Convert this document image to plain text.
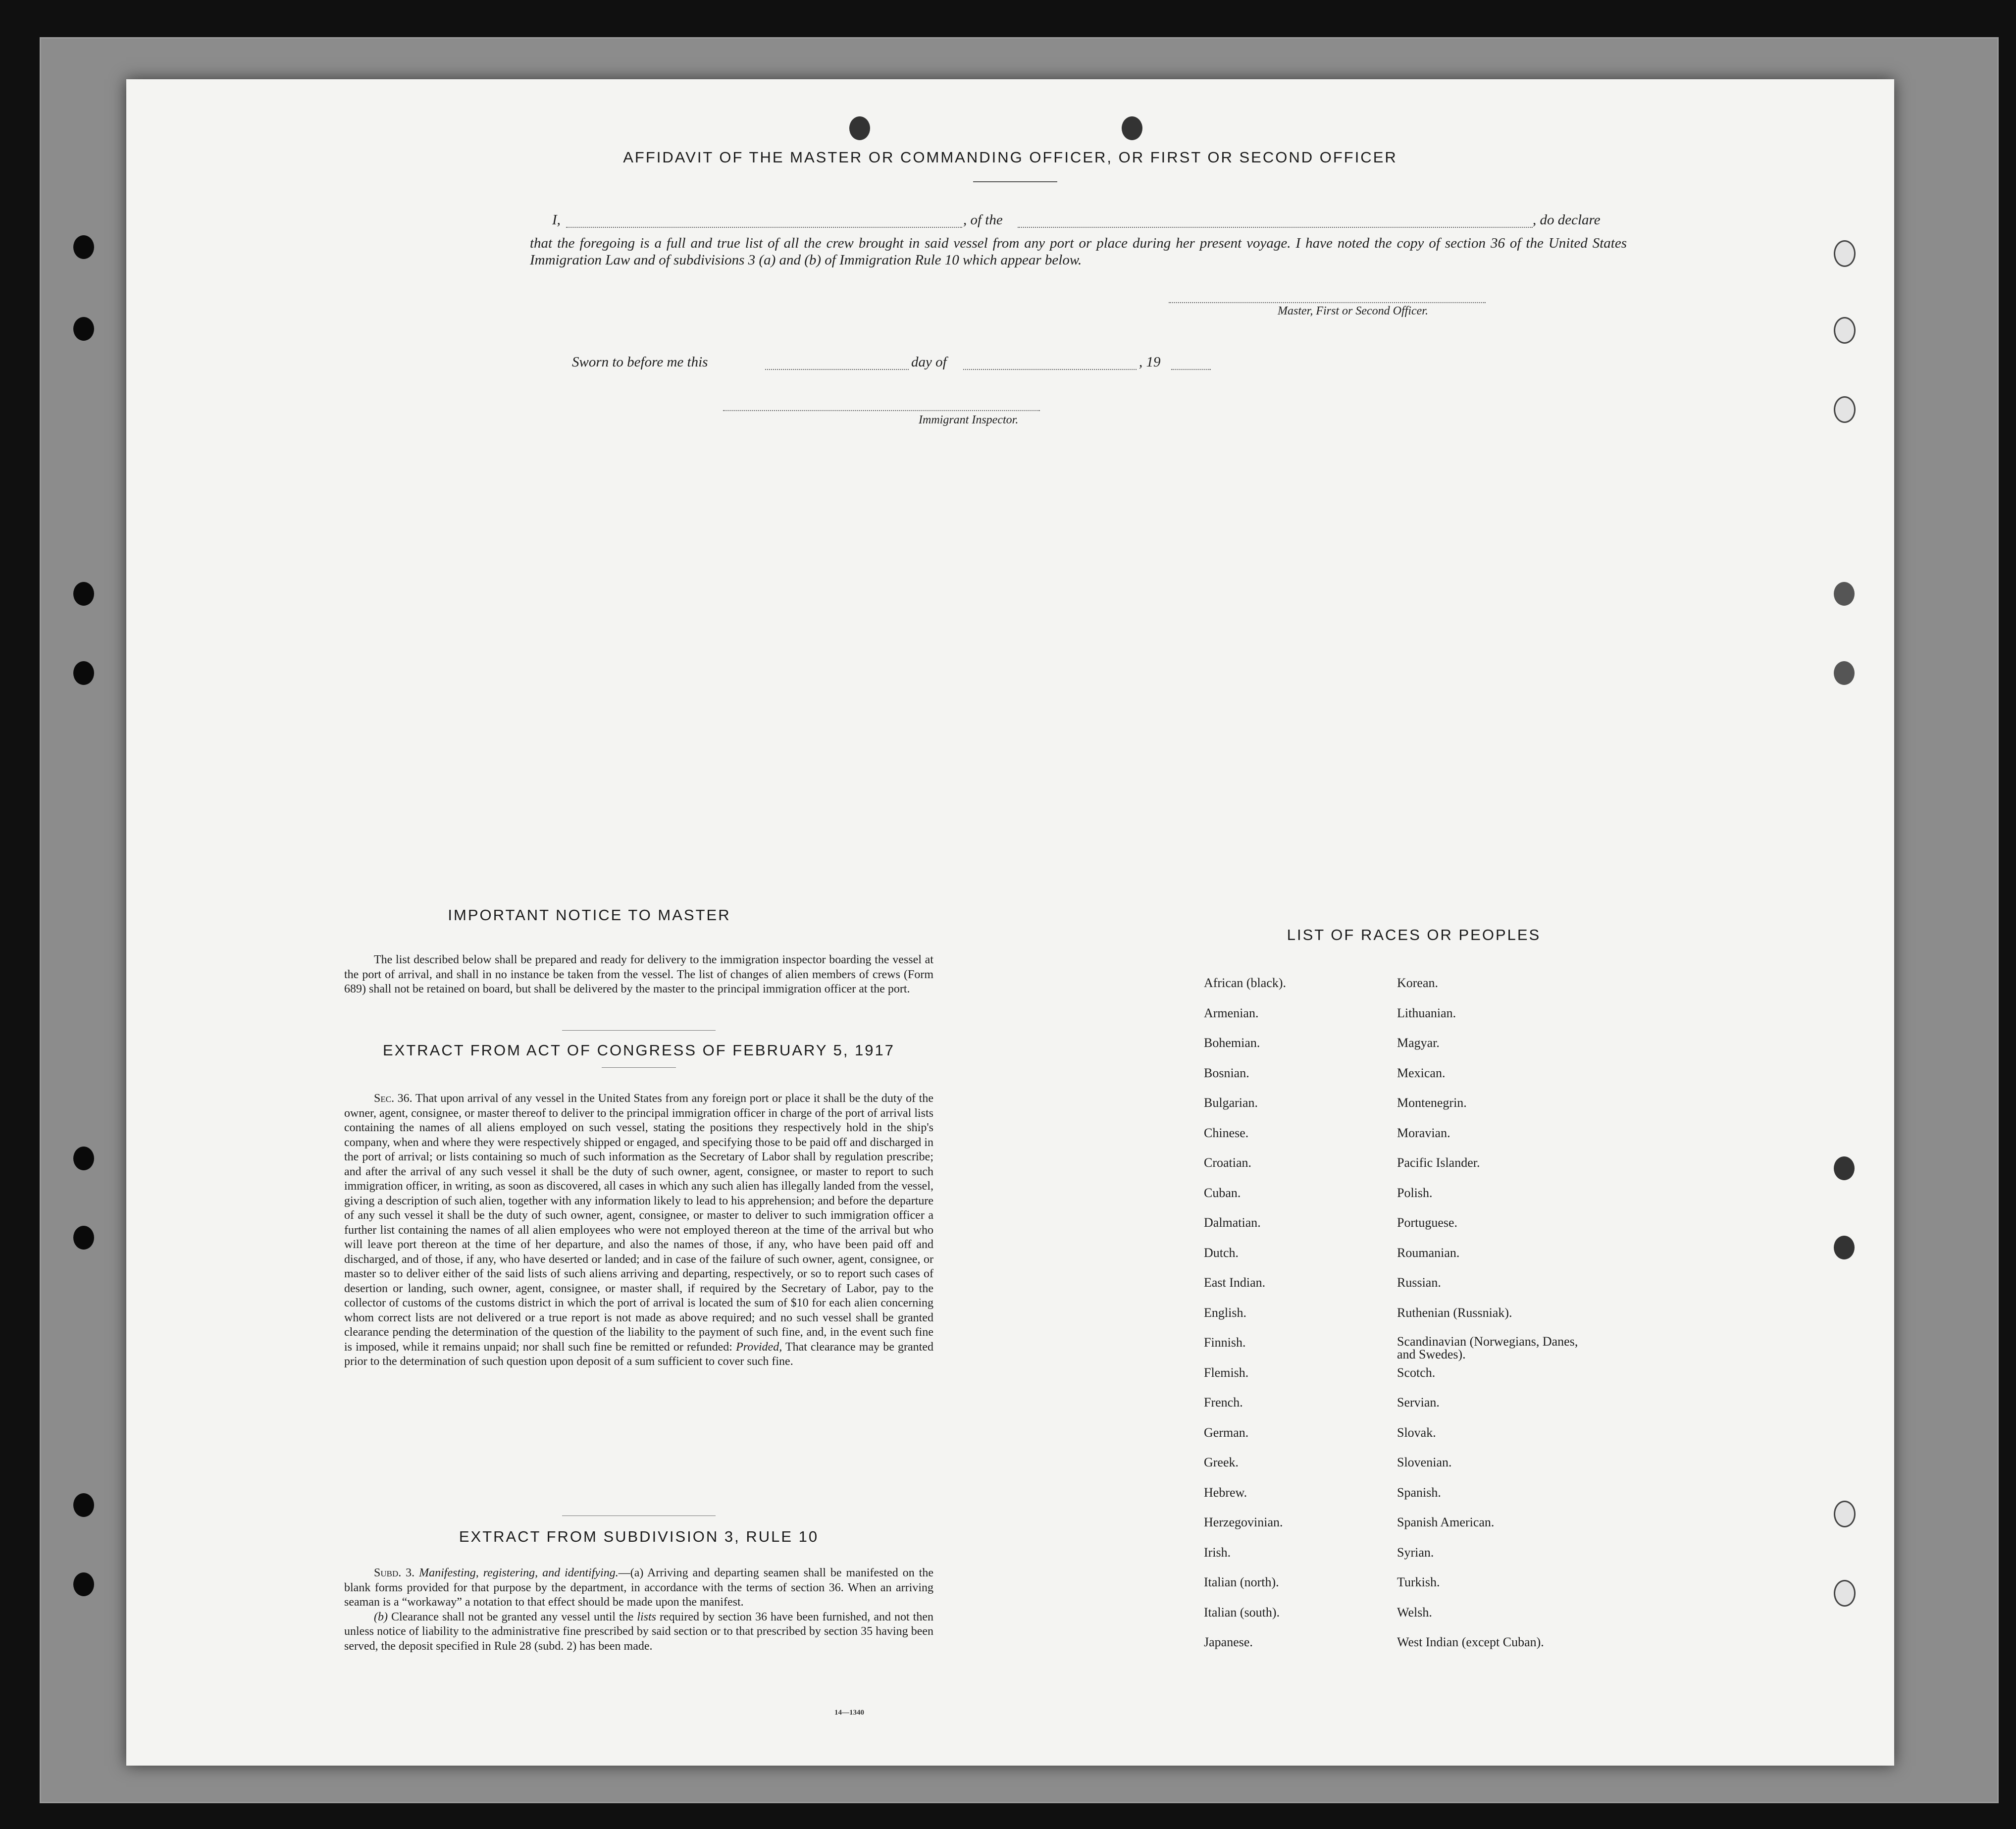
AFFIDAVIT OF THE MASTER OR COMMANDING OFFICER, OR FIRST OR SECOND OFFICER
I,	, of the	, do declare
that the foregoing is a full and true list of all the crew brought in said vessel from any port or place during her present voyage. I have noted the copy of section 36 of the United States Immigration Law and of subdivisions 3 (a) and (b) of Immigration Rule 10 which appear below.
Master, First or Second Officer.
Sworn to before me this	day of	, 19
Immigrant Inspector.
IMPORTANT NOTICE TO MASTER
The list described below shall be prepared and ready for delivery to the immigration inspector boarding the vessel at the port of arrival, and shall in no instance be taken from the vessel. The list of changes of alien members of crews (Form 689) shall not be retained on board, but shall be delivered by the master to the principal immigration officer at the port.
EXTRACT FROM ACT OF CONGRESS OF FEBRUARY 5, 1917
Sec. 36. That upon arrival of any vessel in the United States from any foreign port or place it shall be the duty of the owner, agent, consignee, or master thereof to deliver to the principal immigration officer in charge of the port of arrival lists containing the names of all aliens employed on such vessel, stating the positions they respectively hold in the ship's company, when and where they were respectively shipped or engaged, and specifying those to be paid off and discharged in the port of arrival; or lists containing so much of such information as the Secretary of Labor shall by regulation prescribe; and after the arrival of any such vessel it shall be the duty of such owner, agent, consignee, or master to report to such immigration officer, in writing, as soon as discovered, all cases in which any such alien has illegally landed from the vessel, giving a description of such alien, together with any information likely to lead to his apprehension; and before the departure of any such vessel it shall be the duty of such owner, agent, consignee, or master to deliver to such immigration officer a further list containing the names of all alien employees who were not employed thereon at the time of the arrival but who will leave port thereon at the time of her departure, and also the names of those, if any, who have been paid off and discharged, and of those, if any, who have deserted or landed; and in case of the failure of such owner, agent, consignee, or master so to deliver either of the said lists of such aliens arriving and departing, respectively, or so to report such cases of desertion or landing, such owner, agent, consignee, or master shall, if required by the Secretary of Labor, pay to the collector of customs of the customs district in which the port of arrival is located the sum of $10 for each alien concerning whom correct lists are not delivered or a true report is not made as above required; and no such vessel shall be granted clearance pending the determination of the question of the liability to the payment of such fine, and, in the event such fine is imposed, while it remains unpaid; nor shall such fine be remitted or refunded: Provided, That clearance may be granted prior to the determination of such question upon deposit of a sum sufficient to cover such fine.
EXTRACT FROM SUBDIVISION 3, RULE 10
Subd. 3. Manifesting, registering, and identifying.—(a) Arriving and departing seamen shall be manifested on the blank forms provided for that purpose by the department, in accordance with the terms of section 36. When an arriving seaman is a “workaway” a notation to that effect should be made upon the manifest.
(b) Clearance shall not be granted any vessel until the lists required by section 36 have been furnished, and not then unless notice of liability to the administrative fine prescribed by said section or to that prescribed by section 35 having been served, the deposit specified in Rule 28 (subd. 2) has been made.
14—1340
LIST OF RACES OR PEOPLES
African (black).
Armenian.
Bohemian.
Bosnian.
Bulgarian.
Chinese.
Croatian.
Cuban.
Dalmatian.
Dutch.
East Indian.
English.
Finnish.
Flemish.
French.
German.
Greek.
Hebrew.
Herzegovinian.
Irish.
Italian (north).
Italian (south).
Japanese.
Korean.
Lithuanian.
Magyar.
Mexican.
Montenegrin.
Moravian.
Pacific Islander.
Polish.
Portuguese.
Roumanian.
Russian.
Ruthenian (Russniak).
Scandinavian (Norwegians, Danes, and Swedes).
Scotch.
Servian.
Slovak.
Slovenian.
Spanish.
Spanish American.
Syrian.
Turkish.
Welsh.
West Indian (except Cuban).
